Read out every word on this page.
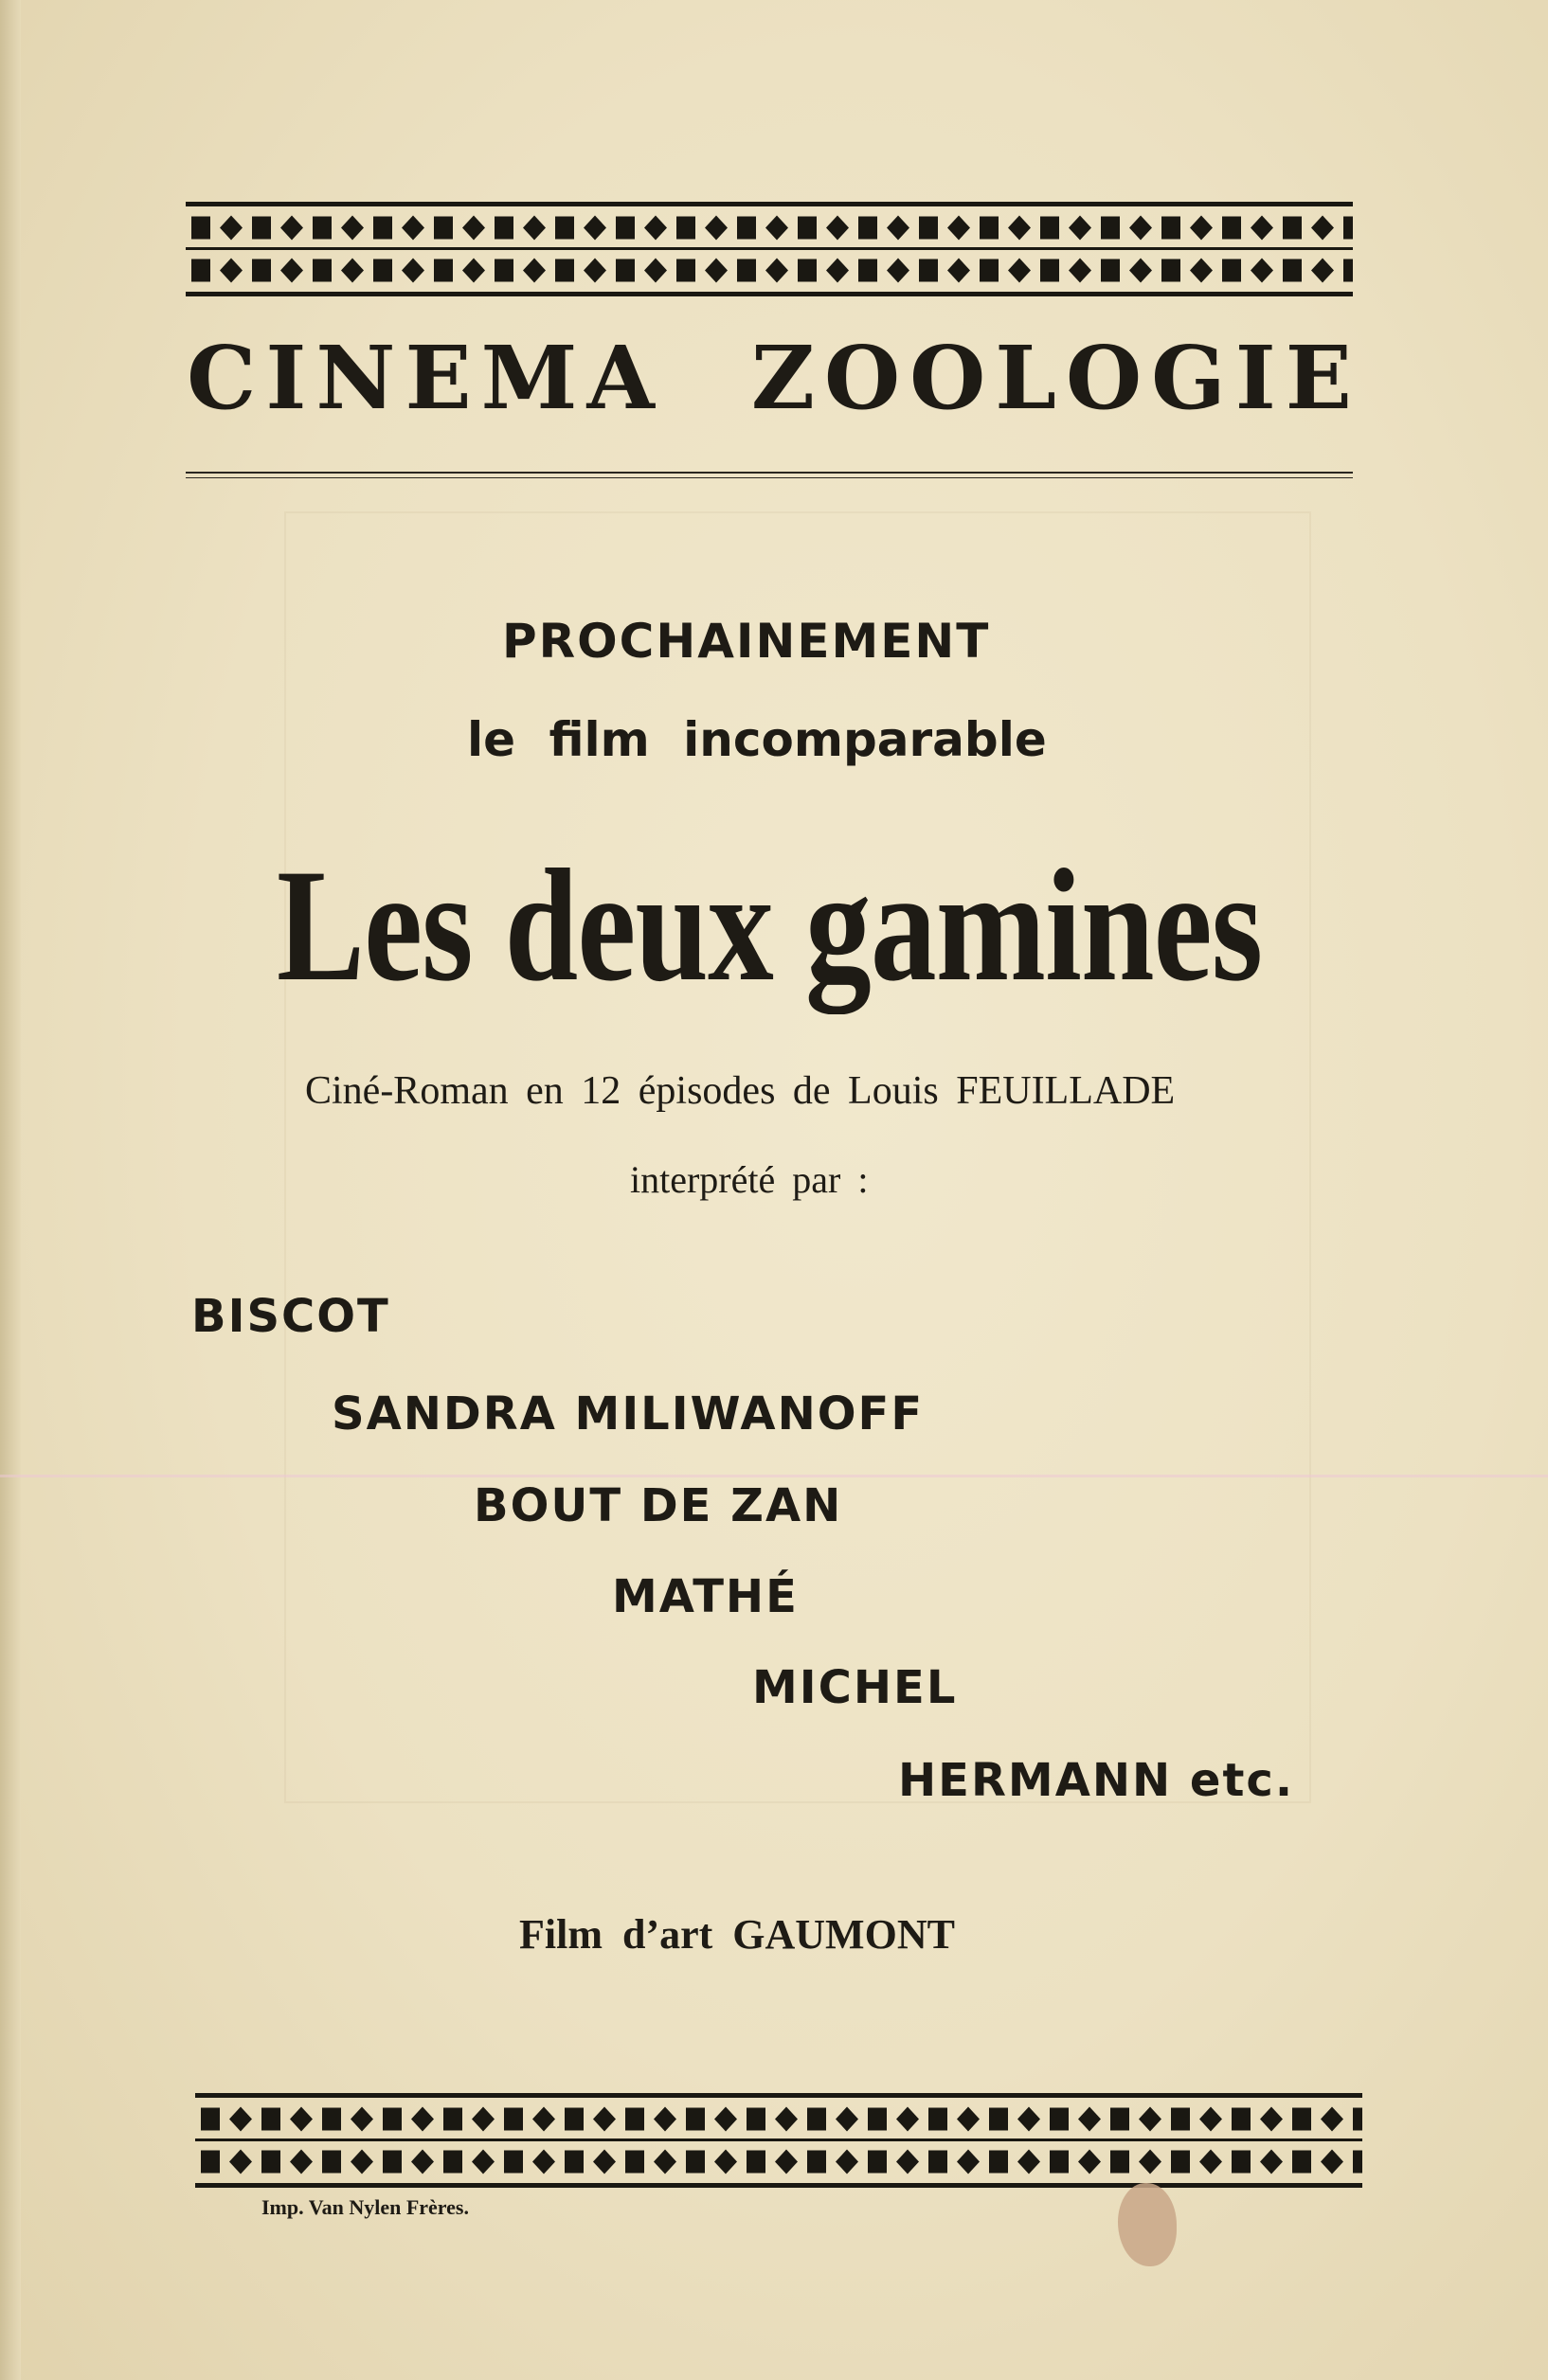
CINEMA ZOOLOGIE
PROCHAINEMENT
le film incomparable
Les deux gamines
Ciné-Roman en 12 épisodes de Louis FEUILLADE
interprété par :
BISCOT
SANDRA MILIWANOFF
BOUT DE ZAN
MATHÉ
MICHEL
HERMANN etc.
Film d’art GAUMONT
Imp. Van Nylen Frères.
